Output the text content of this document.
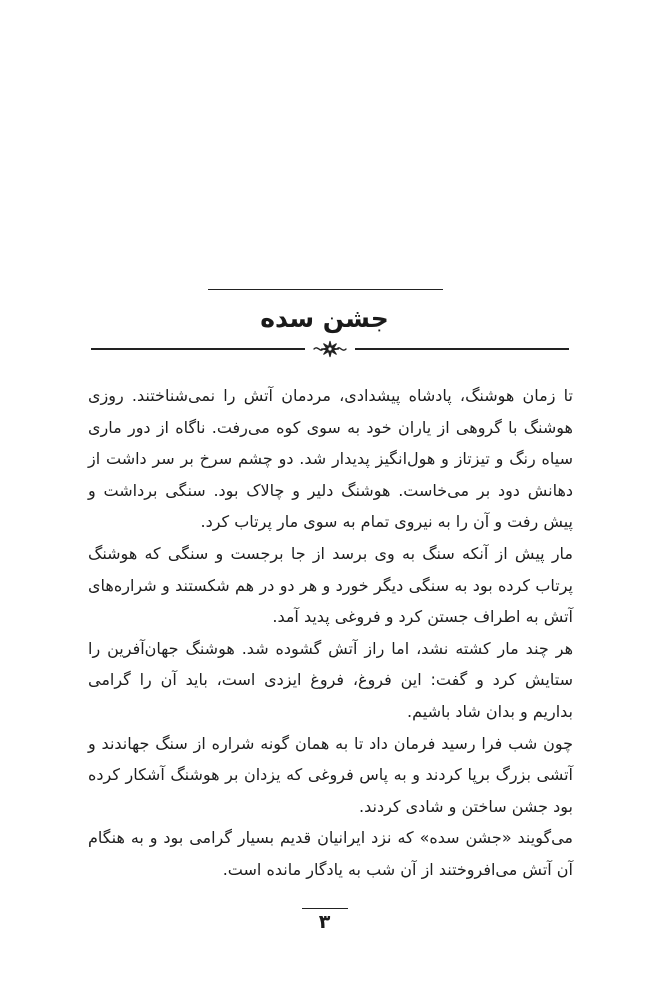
جشن سده

تا زمان هوشنگ، پادشاه پیشدادی، مردمان آتش را نمی‌شناختند. روزی هوشنگ با گروهی از یاران خود به سوی کوه می‌رفت. ناگاه از دور ماری سیاه رنگ و تیزتاز و هول‌انگیز پدیدار شد. دو چشم سرخ بر سر داشت از دهانش دود بر می‌خاست. هوشنگ دلیر و چالاک بود. سنگی برداشت و پیش رفت و آن را به نیروی تمام به سوی مار پرتاب کرد.

مار پیش از آنکه سنگ به وی برسد از جا برجست و سنگی که هوشنگ پرتاب کرده بود به سنگی دیگر خورد و هر دو در هم شکستند و شراره‌های آتش به اطراف جستن کرد و فروغی پدید آمد.

هر چند مار کشته نشد، اما راز آتش گشوده شد. هوشنگ جهان‌آفرین را ستایش کرد و گفت: این فروغ، فروغ ایزدی است، باید آن را گرامی بداریم و بدان شاد باشیم.

چون شب فرا رسید فرمان داد تا به همان گونه شراره از سنگ جهاندند و آتشی بزرگ برپا کردند و به پاس فروغی که یزدان بر هوشنگ آشکار کرده بود جشن ساختن و شادی کردند.

می‌گویند «جشن سده» که نزد ایرانیان قدیم بسیار گرامی بود و به هنگام آن آتش می‌افروختند از آن شب به یادگار مانده است.

۳
